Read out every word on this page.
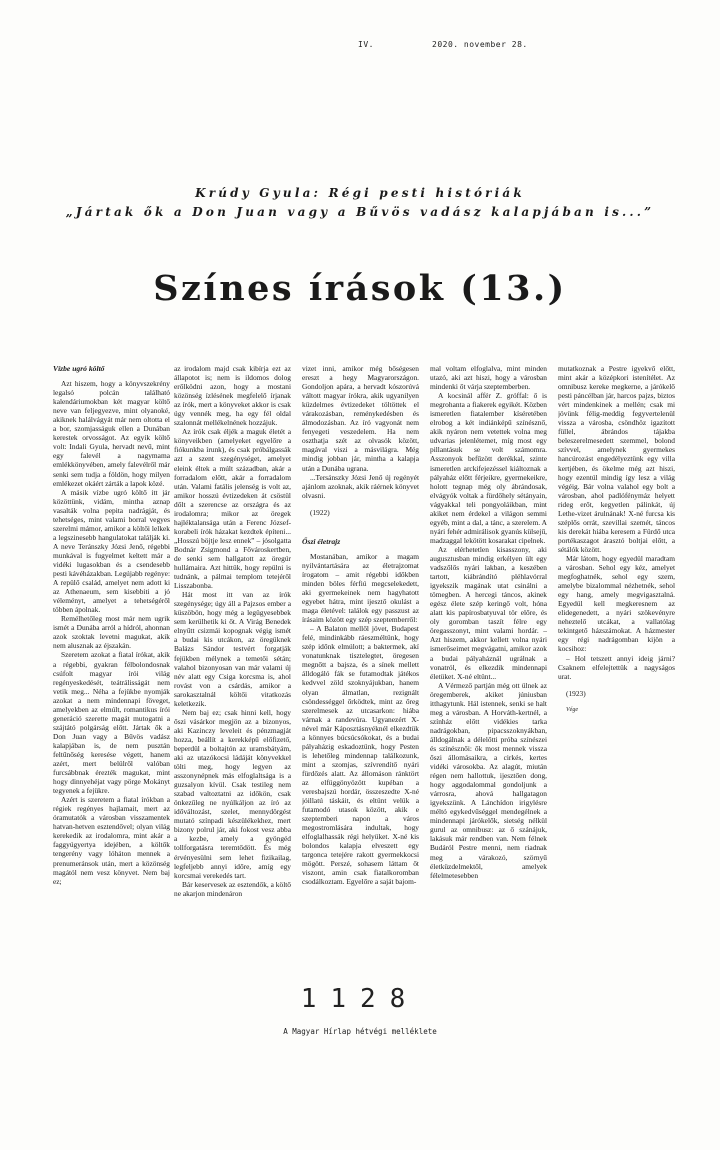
IV.	2020. november 28.
Krúdy Gyula: Régi pesti históriák
„Jártak ők a Don Juan vagy a Bűvös vadász kalapjában is...”
Színes írások (13.)

Vízbe ugró költő

Azt hiszem, hogy a könyvszekrény legalsó polcán található kalendáriumokban két magyar költő neve van feljegyezve, mint olyanoké, akiknek halálvágyát már nem oltotta el a bor, szomjasságuk ellen a Dunában kerestek orvosságot. Az egyik költő volt: Indali Gyula, hervadt nevű, mint egy falevél a nagymama emlékkönyvében, amely falevélről már senki sem tudja a földön, hogy milyen emlékezet okáért zárták a lapok közé.

A másik vízbe ugró költő itt jár közöttünk, vidám, mintha aznap vasalták volna pepita nadrágját, és tehetséges, mint valami borral vegyes szerelmi mámor, amikor a költői lelkek a legszinesebb hangulatokat találják ki. A neve Teránszky Józsi Jenő, régebbi munkával is fugyelmet keltett már a vidéki lugasokban és a csendesebb pesti kávéházakban. Legújabb regénye: A repülő család, amelyet nem adott ki az Athenaeum, sem kisebbiti a jó véleményt, amelyet a tehetségéről többen ápolnak.

Remélhetőleg most már nem ugrik ismét a Dunába arról a hídról, ahonnan azok szoktak levetni magukat, akik nem alusznak az éjszakán.

Szeretem azokat a fiatal írókat, akik a régebbi, gyakran félbolondosnak csúfolt magyar írói világ regényeskedését, teátrálisságát nem vetik meg... Néha a fejükbe nyomják azokat a nem mindennapi föveget, amelyekben az elmúlt, romantikus írói generáció szerette magát mutogatni a szájtátó polgárság előtt. Jártak ők a Don Juan vagy a Bűvös vadász kalapjában is, de nem pusztán feltűnőség keresése végett, hanem azért, mert belülről valóban furcsábbnak érezték magukat, mint hogy dinnyehéjat vagy pörge Mokányt tegyenek a fejükre.

Azért is szeretem a fiatal írókban a régiek regényes hajlamait, mert az óramutatók a városban visszamentek hatvan-hetven esztendővel; olyan világ kerekedik az irodalomra, mint akár a faggyúgyertya idejében, a költők tengerény vagy lóháton mennek a prenumeránsok után, mert a közönség magától nem vesz könyvet. Nem baj ez;

az irodalom majd csak kibírja ezt az állapotot is; nem is ildomos dolog erőlködni azon, hogy a mostani közönség ízlésének megfelelő írjanak az írók, mert a könyveket akkor is csak úgy vennék meg, ha egy fél oldal szalonnát mellékelnének hozzájuk.

Az írók csak éljék a maguk életét a könyveikben (amelyeket egyelőre a fiókunkba írunk), és csak próbálgassák azt a szent szegénységet, amelyet eleink éltek a múlt században, akár a forradalom előtt, akár a forradalom után. Valami fatális jelenség is volt az, amikor hosszú évtizedeken át csöstül dőlt a szerencse az országra és az irodalomra; mikor az öregek hajléktalansága után a Ferenc József-korabeli írók házakat kezdtek építeni... „Hosszú böjtje lesz ennek” – jósolgatta Bodnár Zsigmond a Fővároskertben, de senki sem hallgatott az öregúr hullámaira. Azt hittük, hogy repülni is tudnánk, a pálmai templom tetejéről Lisszabonba.

Hát most itt van az írók szegénysége; úgy áll a Pajzsos ember a küszöbön, hogy még a legügyesebbek sem kerülhetik ki őt. A Virág Benedek elnyűtt csizmái kopognak végig ismét a budai kis utcákon, az öregüknek Balázs Sándor testvért forgatják fejükben mélynek a temetői sétán; valahol bizonyosan van már valami új név alatt egy Csiga korcsma is, ahol rovást von a csárdás, amikor a sarokasztalnál költői vitatkozás keletkezik.

Nem baj ez; csak hinni kell, hogy őszi vásárkor megjön az a bizonyos, aki Kazinczy leveleit és pénzmagját hozza, beállít a kerekképű előfizető, beperdül a boltajtón az uramsbátyám, aki az utazókocsi ládáját könyvekkel tölti meg, hogy legyen az asszonynépnek más elfoglaltsága is a guzsalyon kívül. Csak testileg nem szabad valtoztatni az időkön, csak önkezűleg ne nyúlkáljon az író az időváltozást, szelet, mennydörgést mutató színpadi készülékekhez, mert bizony polrul jár, aki fokost vesz abba a kezbe, amely a gyöngéd tollforgatásra teremtődött. És még érvényesülni sem lehet fizikailag, legfeljebb annyi időre, amíg egy korcsmai verekedés tart.

Bár keservesek az esztendők, a költő ne akarjon mindenáron

vizet inni, amikor még bőségesen ereszt a hegy Magyarországon. Gondoljon apára, a hervadt kószorúvá váltott magyar írókra, akik ugyanilyen küzdelmes évtizedeket töltöttek el várakozásban, reménykedésben és álmodozásban. Az író vagyonát nem fenyegeti veszedelem. Ha nem oszthatja szét az olvasók között, magával viszi a másvilágra. Még mindig jobban jár, mintha a kalapja után a Dunába ugrana.

...Tersánszky Józsi Jenő új regényét ajánlom azoknak, akik ráérnek könyvet olvasni.

(1922)

Őszi életrajz

Mostanában, amikor a magam nyilvántartására az életrajzomat írogatom – amit régebbi időkben minden böles férfiú megcselekedett, aki gyermekeinek nem hagyhatott egyebet hátra, mint ijesztő okulást a maga életével: találok egy passzust az írásaim között egy szép szeptemberről:

– A Balaton mellől jövet, Budapest felé, mindinkább ráeszméltünk, hogy szép időnk elmúlott; a baktermek, akí vonatunknak tisztelegtet, öregesen megnőtt a bajsza, és a sínek mellett álldogáló fák se futamodtak játékos kedvvel zöld szoknyájukban, hanem olyan álmatlan, rezignált csöndességgel őrködtek, mint az őreg szerelmesek az utcasarkon: hiába várnak a randevúra. Ugyanezért X-nével már Káposztásnyéknél elkezdtük a könnyes búcsúcsókokat, és a budai pályaházig eskadoztünk, hogy Pesten is lehetőleg mindennap találkozunk, mint a szomjas, szívrendítő nyári fürdőzés alatt. Az állomáson ránktört az elfüggönyözött kupéban a veresbajszú hordár, összeszedte X-né jóillatú táskáit, és eltünt velük a futamodó utasok között, akik e szeptemberi napon a város megostromlására indultak, hogy elfoglalhassák régi helyüket. X-né kis bolondos kalapja elveszett egy targonca tetejére rakott gyermekkocsi mögött. Perszé, sohasem láttam őt viszont, amin csak fiatalkoromban csodálkoztam. Egyelőre a saját bajom-

mal voltam elfoglalva, mint minden utazó, aki azt hiszi, hogy a városban mindenki őt várja szeptemberben.

A kocsinál affér Z. gróffal: ő is megrohanta a fiakerek egyikét. Közben ismeretlen fiatalember kíséretében elrobog a két indiánképű színésznő, akik nyáron nem vetettek volna meg udvarias jelenlétemet, míg most egy pillantásuk se volt számomra. Asszonyok befűzött derékkal, szinte ismeretlen arckifejezéssel kiáltoznak a pályaház előtt férjeikre, gyermekeikre, holott tegnap még oly ábrándosak, elvágyók voltak a fürdőhely sétányain, vágyakkal teli pongyoláikban, mint akiket nem érdekel a világon semmi egyéb, mint a dal, a tánc, a szerelem. A nyári fehér admirálisok gyanús külsejű, madzaggal lekötött kosarakat cipelnek.

Az elérhetetlen kisasszony, aki augusztusban mindig erkélyen ült egy vadszőlős nyári lakban, a keszében tartott, kiábrándító pléhlavórral igyekszik magának utat csinálni a tömegben. A hercegi táncos, akinek egész élete szép keringő volt, hóna alatt kis papírosbatyuval tör előre, és oly goromban taszít félre egy öregasszonyt, mint valami hordár. – Azt hiszem, akkor kellett volna nyári ismerőseimet megvágatni, amikor azok a budai pályaháznál ugrálnak a vonatról, és elkezdik mindennapi életüket. X-né eltünt...

A Vérmező partján még ott ülnek az öregemberek, akiket júniusban itthagytunk. Hál istennek, senki se halt meg a városban. A Horváth-kertnél, a színház előtt vidékies tarka nadrágokban, pipacsszoknyákban, álldogálnak a délelőtti próba színészei és színésznői: ők most mennek vissza őszi állomásaikra, a cirkés, kertes vidéki városokba. Az alagút, miután régen nem hallottuk, ijesztően dong, hogy aggodalommal gondoljunk a várrosra, ahová hallgatagon igyekszünk. A Lánchídon irigylésre méltó egykedvűséggel mendegélnek a mindennapi járókelők, sietség nélkül gurul az omnibusz: az ő szánájuk, lakásuk már rendben van. Nem félnek Budáról Pestre menni, nem riadnak meg a várakozó, szörnyű életküzdelmektől, amelyek félelmetesebben

mutatkoznak a Pestre igyekvő előtt, mint akár a középkori istenítélet. Az omnibusz kereke megkerne, a járókelő pesti páncélban jár, harcos pajzs, biztos vért mindenkinek a mellén; csak mi jövünk félig-meddig fegyvertelenül vissza a városba, csöndhöz igazított füllel, ábrándos tájakba beleszerelmesedett szemmel, bolond szívvel, amelynek gyermekes hancúrozást engedélyeztünk egy villa kertjében, és ökelme még azt hiszi, hogy ezentúl mindig így lesz a világ végéig. Bár volna valahol egy bolt a városban, ahol padlófénymáz helyett rideg erőt, kegyetlen pálinkát, új Lethe-vizet árulnának! X-né furcsa kis széplős orrát, szevillai szemét, táncos kis derekát hiába keresem a Fürdő utca portékaszagot árasztó boltjai előtt, a sétálók között.

Már látom, hogy egyedül maradtam a városban. Sehol egy kéz, amelyet megfoghatnék, sehol egy szem, amelybe bizalommal nézhetnék, sehol egy hang, amely megvigasztalná. Egyedül kell megkeresnem az elidegenedett, a nyári szökevényre neheztelő utcákat, a vallatólag tekintgető házszámokat. A házmester egy régi nadrágomban kijön a kocsihoz:

– Hol tetszett annyi ideig járni? Csaknem elfelejtettük a nagyságos urat.

(1923)

Vége

1128
A Magyar Hírlap hétvégi melléklete
